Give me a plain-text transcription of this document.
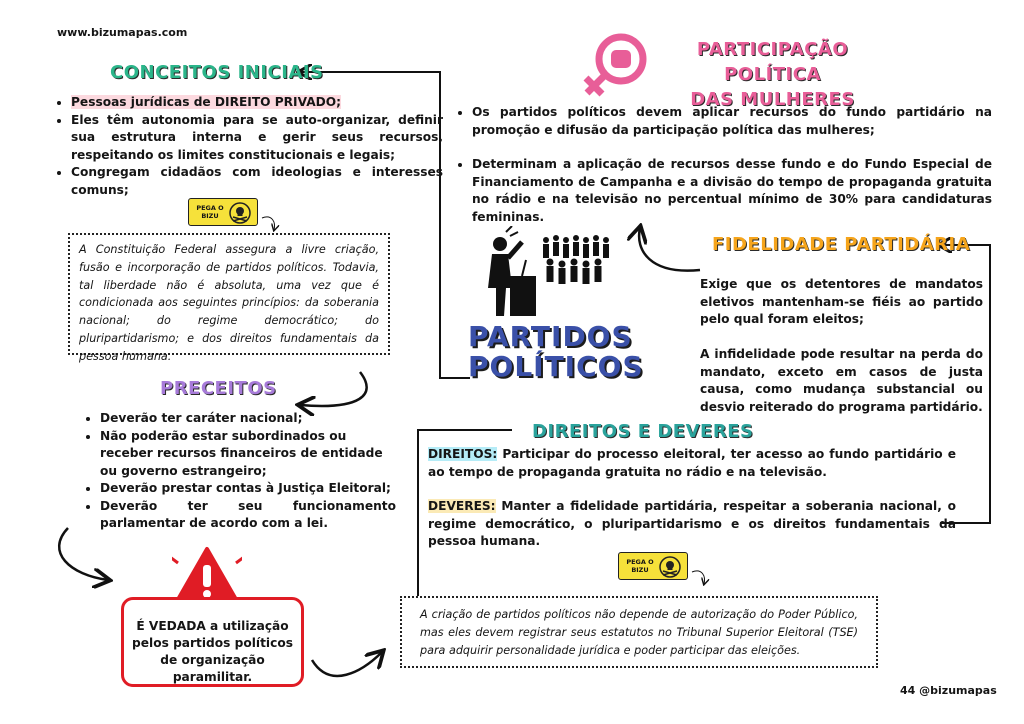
www.bizumapas.com
CONCEITOS INICIAIS
• Pessoas jurídicas de DIREITO PRIVADO;
• Eles têm autonomia para se auto-organizar, definir sua estrutura interna e gerir seus recursos, respeitando os limites constitucionais e legais;
• Congregam cidadãos com ideologias e interesses comuns;
PEGA O
BIZU
A Constituição Federal assegura a livre criação, fusão e incorporação de partidos políticos. Todavia, tal liberdade não é absoluta, uma vez que é condicionada aos seguintes princípios: da soberania nacional; do regime democrático; do pluripartidarismo; e dos direitos fundamentais da pessoa humana.
PRECEITOS
• Deverão ter caráter nacional;
• Não poderão estar subordinados ou receber recursos financeiros de entidade ou governo estrangeiro;
• Deverão prestar contas à Justiça Eleitoral;
• Deverão ter seu funcionamento parlamentar de acordo com a lei.
É VEDADA a utilização pelos partidos políticos de organização paramilitar.
PARTICIPAÇÃO POLÍTICA
DAS MULHERES
• Os partidos políticos devem aplicar recursos do fundo partidário na promoção e difusão da participação política das mulheres;
• Determinam a aplicação de recursos desse fundo e do Fundo Especial de Financiamento de Campanha e a divisão do tempo de propaganda gratuita no rádio e na televisão no percentual mínimo de 30% para candidaturas femininas.
PARTIDOS
POLÍTICOS
FIDELIDADE PARTIDÁRIA
Exige que os detentores de mandatos eletivos mantenham-se fiéis ao partido pelo qual foram eleitos;
A infidelidade pode resultar na perda do mandato, exceto em casos de justa causa, como mudança substancial ou desvio reiterado do programa partidário.
DIREITOS E DEVERES
DIREITOS: Participar do processo eleitoral, ter acesso ao fundo partidário e ao tempo de propaganda gratuita no rádio e na televisão.
DEVERES: Manter a fidelidade partidária, respeitar a soberania nacional, o regime democrático, o pluripartidarismo e os direitos fundamentais da pessoa humana.
PEGA O
BIZU
A criação de partidos políticos não depende de autorização do Poder Público, mas eles devem registrar seus estatutos no Tribunal Superior Eleitoral (TSE) para adquirir personalidade jurídica e poder participar das eleições.
44 @bizumapas
